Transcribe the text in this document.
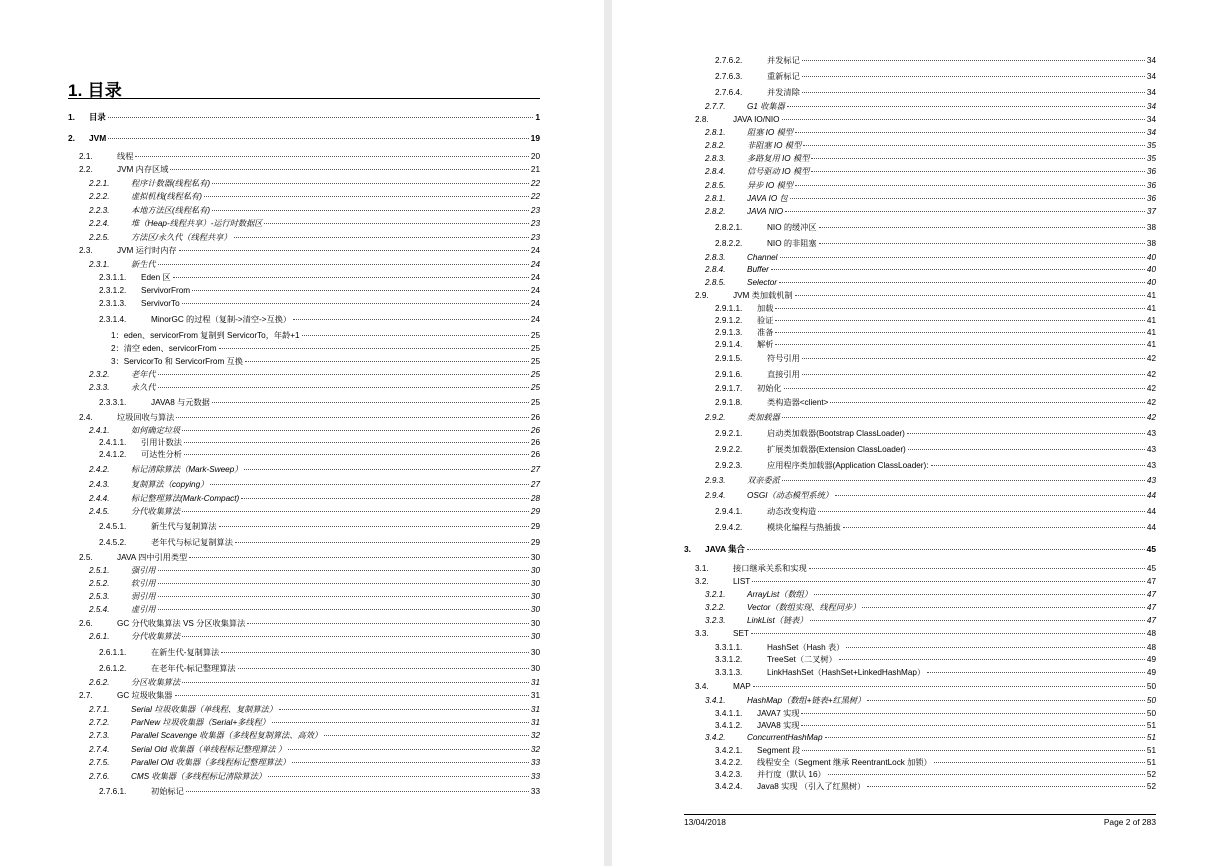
1. 目录
1.	目录	1
2.	JVM	19
2.1.	线程	20
2.2.	JVM 内存区域	21
2.2.1.	程序计数器(线程私有)	22
2.2.2.	虚拟机栈(线程私有)	22
2.2.3.	本地方法区(线程私有)	23
2.2.4.	堆（Heap-线程共享）-运行时数据区	23
2.2.5.	方法区/永久代（线程共享）	23
2.3.	JVM 运行时内存	24
2.3.1.	新生代	24
2.3.1.1.	Eden 区	24
2.3.1.2.	ServivorFrom	24
2.3.1.3.	ServivorTo	24
2.3.1.4.	MinorGC 的过程（复制->清空->互换）	24
1：eden、servicorFrom 复制到 ServicorTo，年龄+1	25
2：清空 eden、servicorFrom	25
3：ServicorTo 和 ServicorFrom 互换	25
2.3.2.	老年代	25
2.3.3.	永久代	25
2.3.3.1.	JAVA8 与元数据	25
2.4.	垃圾回收与算法	26
2.4.1.	如何确定垃圾	26
2.4.1.1.	引用计数法	26
2.4.1.2.	可达性分析	26
2.4.2.	标记清除算法（Mark-Sweep）	27
2.4.3.	复制算法（copying）	27
2.4.4.	标记整理算法(Mark-Compact)	28
2.4.5.	分代收集算法	29
2.4.5.1.	新生代与复制算法	29
2.4.5.2.	老年代与标记复制算法	29
2.5.	JAVA 四中引用类型	30
2.5.1.	强引用	30
2.5.2.	软引用	30
2.5.3.	弱引用	30
2.5.4.	虚引用	30
2.6.	GC 分代收集算法 VS 分区收集算法	30
2.6.1.	分代收集算法	30
2.6.1.1.	在新生代-复制算法	30
2.6.1.2.	在老年代-标记整理算法	30
2.6.2.	分区收集算法	31
2.7.	GC 垃圾收集器	31
2.7.1.	Serial 垃圾收集器（单线程、复制算法）	31
2.7.2.	ParNew 垃圾收集器（Serial+多线程）	31
2.7.3.	Parallel Scavenge 收集器（多线程复制算法、高效）	32
2.7.4.	Serial Old 收集器（单线程标记整理算法 ）	32
2.7.5.	Parallel Old 收集器（多线程标记整理算法）	33
2.7.6.	CMS 收集器（多线程标记清除算法）	33
2.7.6.1.	初始标记	33
2.7.6.2.	并发标记	34
2.7.6.3.	重新标记	34
2.7.6.4.	并发清除	34
2.7.7.	G1 收集器	34
2.8.	JAVA IO/NIO	34
2.8.1.	阻塞 IO 模型	34
2.8.2.	非阻塞 IO 模型	35
2.8.3.	多路复用 IO 模型	35
2.8.4.	信号驱动 IO 模型	36
2.8.5.	异步 IO 模型	36
2.8.1.	JAVA IO 包	36
2.8.2.	JAVA NIO	37
2.8.2.1.	NIO 的缓冲区	38
2.8.2.2.	NIO 的非阻塞	38
2.8.3.	Channel	40
2.8.4.	Buffer	40
2.8.5.	Selector	40
2.9.	JVM 类加载机制	41
2.9.1.1.	加载	41
2.9.1.2.	验证	41
2.9.1.3.	准备	41
2.9.1.4.	解析	41
2.9.1.5.	符号引用	42
2.9.1.6.	直接引用	42
2.9.1.7.	初始化	42
2.9.1.8.	类构造器<client>	42
2.9.2.	类加载器	42
2.9.2.1.	启动类加载器(Bootstrap ClassLoader)	43
2.9.2.2.	扩展类加载器(Extension ClassLoader)	43
2.9.2.3.	应用程序类加载器(Application ClassLoader):	43
2.9.3.	双亲委派	43
2.9.4.	OSGI（动态模型系统）	44
2.9.4.1.	动态改变构造	44
2.9.4.2.	模块化编程与热插拔	44
3.	JAVA 集合	45
3.1.	接口继承关系和实现	45
3.2.	LIST	47
3.2.1.	ArrayList（数组）	47
3.2.2.	Vector（数组实现、线程同步）	47
3.2.3.	LinkList（链表）	47
3.3.	SET	48
3.3.1.1.	HashSet（Hash 表）	48
3.3.1.2.	TreeSet（二叉树）	49
3.3.1.3.	LinkHashSet（HashSet+LinkedHashMap）	49
3.4.	MAP	50
3.4.1.	HashMap（数组+链表+红黑树）	50
3.4.1.1.	JAVA7 实现	50
3.4.1.2.	JAVA8 实现	51
3.4.2.	ConcurrentHashMap	51
3.4.2.1.	Segment 段	51
3.4.2.2.	线程安全（Segment 继承 ReentrantLock 加锁）	51
3.4.2.3.	并行度（默认 16）	52
3.4.2.4.	Java8 实现 （引入了红黑树）	52
13/04/2018	Page 2 of 283
